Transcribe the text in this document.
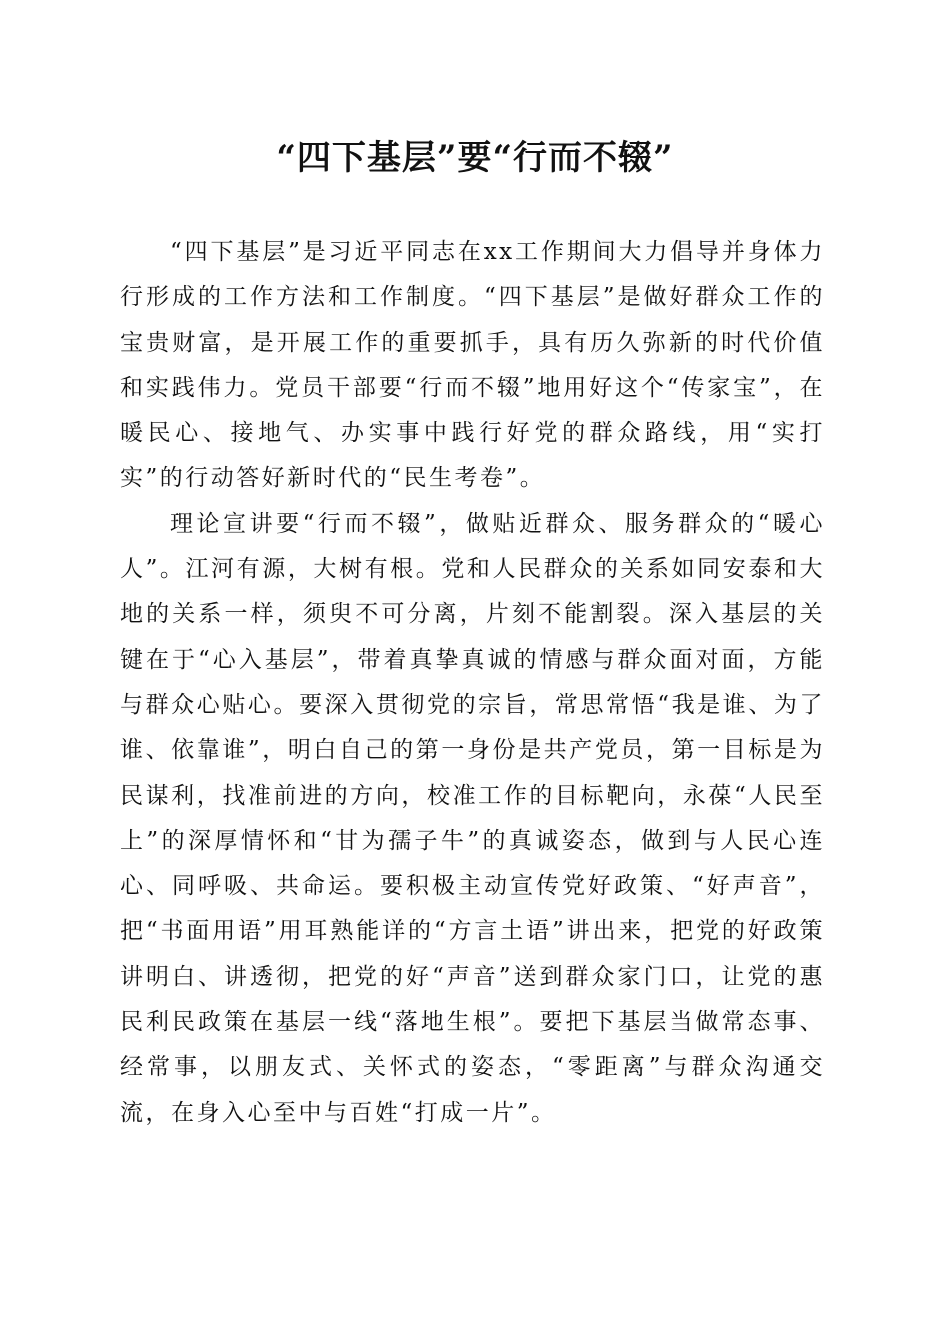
“四下基层”要“行而不辍”

“四下基层”是习近平同志在xx工作期间大力倡导并身体力行形成的工作方法和工作制度。“四下基层”是做好群众工作的宝贵财富，是开展工作的重要抓手，具有历久弥新的时代价值和实践伟力。党员干部要“行而不辍”地用好这个“传家宝”，在暖民心、接地气、办实事中践行好党的群众路线，用“实打实”的行动答好新时代的“民生考卷”。

理论宣讲要“行而不辍”，做贴近群众、服务群众的“暖心人”。江河有源，大树有根。党和人民群众的关系如同安泰和大地的关系一样，须臾不可分离，片刻不能割裂。深入基层的关键在于“心入基层”，带着真挚真诚的情感与群众面对面，方能与群众心贴心。要深入贯彻党的宗旨，常思常悟“我是谁、为了谁、依靠谁”，明白自己的第一身份是共产党员，第一目标是为民谋利，找准前进的方向，校准工作的目标靶向，永葆“人民至上”的深厚情怀和“甘为孺子牛”的真诚姿态，做到与人民心连心、同呼吸、共命运。要积极主动宣传党好政策、“好声音”，把“书面用语”用耳熟能详的“方言土语”讲出来，把党的好政策讲明白、讲透彻，把党的好“声音”送到群众家门口，让党的惠民利民政策在基层一线“落地生根”。要把下基层当做常态事、经常事，以朋友式、关怀式的姿态，“零距离”与群众沟通交流，在身入心至中与百姓“打成一片”。
